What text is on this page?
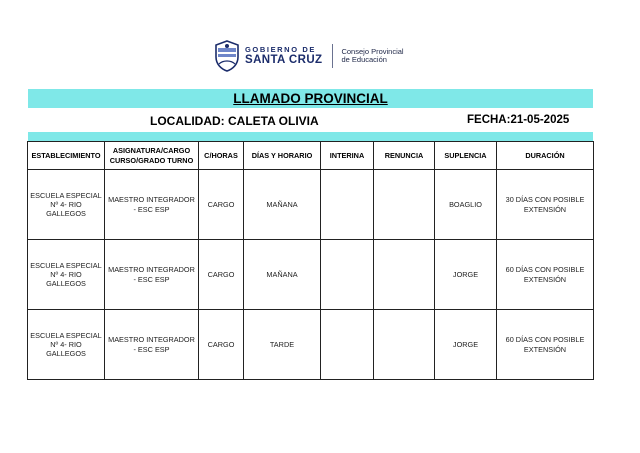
GOBIERNO DE
SANTA CRUZ
Consejo Provincial
de Educación
LLAMADO PROVINCIAL
LOCALIDAD: CALETA OLIVIA	FECHA:21-05-2025
ESTABLECIMIENTO	ASIGNATURA/CARGO CURSO/GRADO TURNO	C/HORAS	DÍAS Y HORARIO	INTERINA	RENUNCIA	SUPLENCIA	DURACIÓN
ESCUELA ESPECIAL Nº 4- RIO GALLEGOS	MAESTRO INTEGRADOR - ESC ESP	CARGO	MAÑANA			BOAGLIO	30 DÍAS CON POSIBLE EXTENSIÓN
ESCUELA ESPECIAL Nº 4- RIO GALLEGOS	MAESTRO INTEGRADOR - ESC ESP	CARGO	MAÑANA			JORGE	60 DÍAS CON POSIBLE EXTENSIÓN
ESCUELA ESPECIAL Nº 4- RIO GALLEGOS	MAESTRO INTEGRADOR - ESC ESP	CARGO	TARDE			JORGE	60 DÍAS CON POSIBLE EXTENSIÓN
